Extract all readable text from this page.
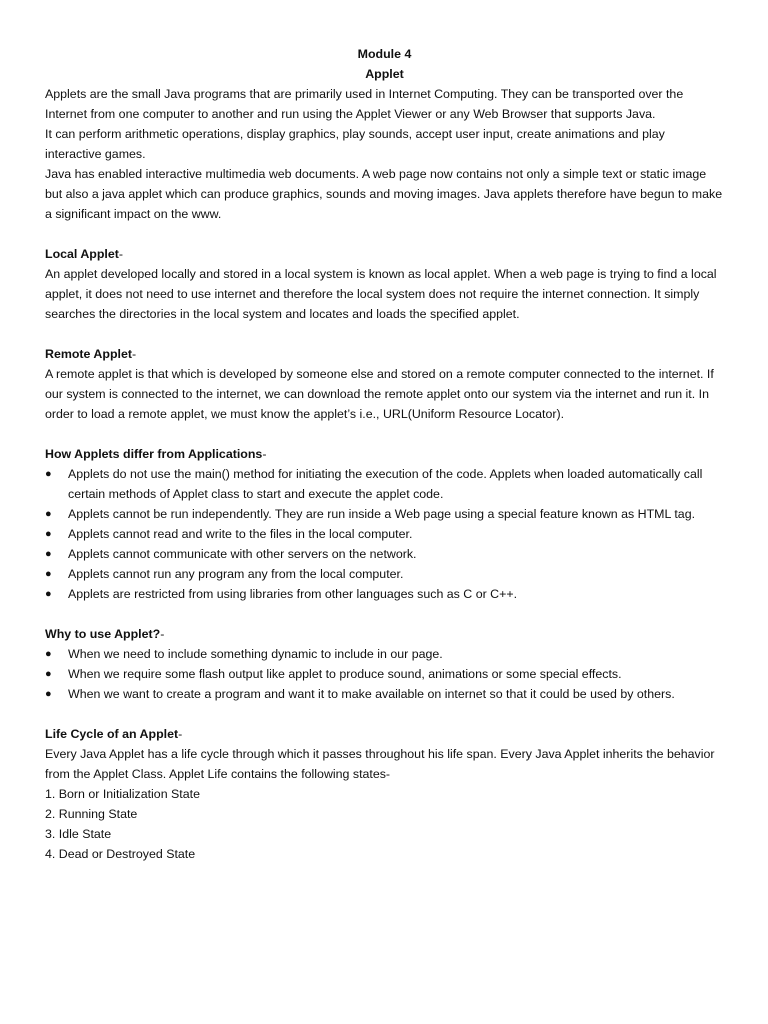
Module 4

Applet

Applets are the small Java programs that are primarily used in Internet Computing. They can be transported over the Internet from one computer to another and run using the Applet Viewer or any Web Browser that supports Java.

It can perform arithmetic operations, display graphics, play sounds, accept user input, create animations and play interactive games.

Java has enabled interactive multimedia web documents. A web page now contains not only a simple text or static image but also a java applet which can produce graphics, sounds and moving images. Java applets therefore have begun to make a significant impact on the www.

Local Applet-

An applet developed locally and stored in a local system is known as local applet. When a web page is trying to find a local applet, it does not need to use internet and therefore the local system does not require the internet connection. It simply searches the directories in the local system and locates and loads the specified applet.

Remote Applet-

A remote applet is that which is developed by someone else and stored on a remote computer connected to the internet. If our system is connected to the internet, we can download the remote applet onto our system via the internet and run it. In order to load a remote applet, we must know the applet’s i.e., URL(Uniform Resource Locator).

How Applets differ from Applications-

● Applets do not use the main() method for initiating the execution of the code. Applets when loaded automatically call certain methods of Applet class to start and execute the applet code.
● Applets cannot be run independently. They are run inside a Web page using a special feature known as HTML tag.
● Applets cannot read and write to the files in the local computer.
● Applets cannot communicate with other servers on the network.
● Applets cannot run any program any from the local computer.
● Applets are restricted from using libraries from other languages such as C or C++.

Why to use Applet?-

● When we need to include something dynamic to include in our page.
● When we require some flash output like applet to produce sound, animations or some special effects.
● When we want to create a program and want it to make available on internet so that it could be used by others.

Life Cycle of an Applet-

Every Java Applet has a life cycle through which it passes throughout his life span. Every Java Applet inherits the behavior from the Applet Class. Applet Life contains the following states-

1. Born or Initialization State

2. Running State

3. Idle State

4. Dead or Destroyed State
